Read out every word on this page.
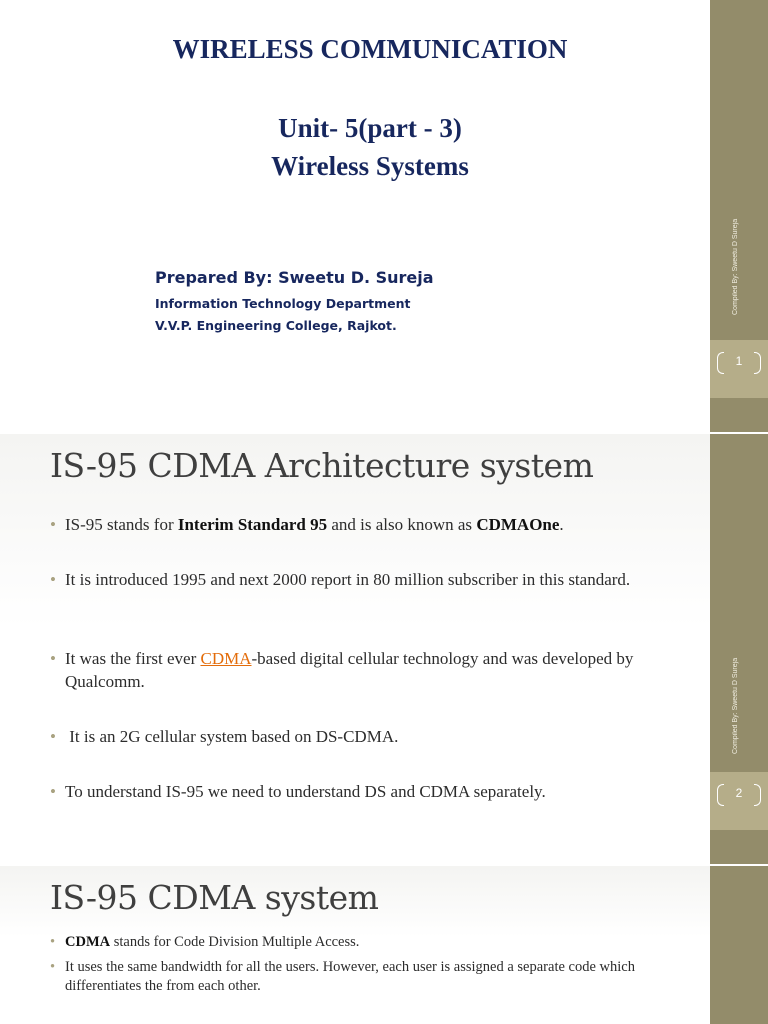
Compiled By: Sweetu D Sureja
1
WIRELESS COMMUNICATION
Unit- 5(part - 3)
Wireless Systems
Prepared By: Sweetu D. Sureja
Information Technology Department
V.V.P. Engineering College, Rajkot.
Compiled By: Sweetu D Sureja
2
IS-95 CDMA Architecture system
• IS-95 stands for Interim Standard 95 and is also known as CDMAOne.
• It is introduced 1995 and next 2000 report in 80 million subscriber in this standard.
• It was the first ever CDMA-based digital cellular technology and was developed by Qualcomm.
• It is an 2G cellular system based on DS-CDMA.
• To understand IS-95 we need to understand DS and CDMA separately.
IS-95 CDMA system
• CDMA stands for Code Division Multiple Access.
• It uses the same bandwidth for all the users. However, each user is assigned a separate code which differentiates the from each other.
